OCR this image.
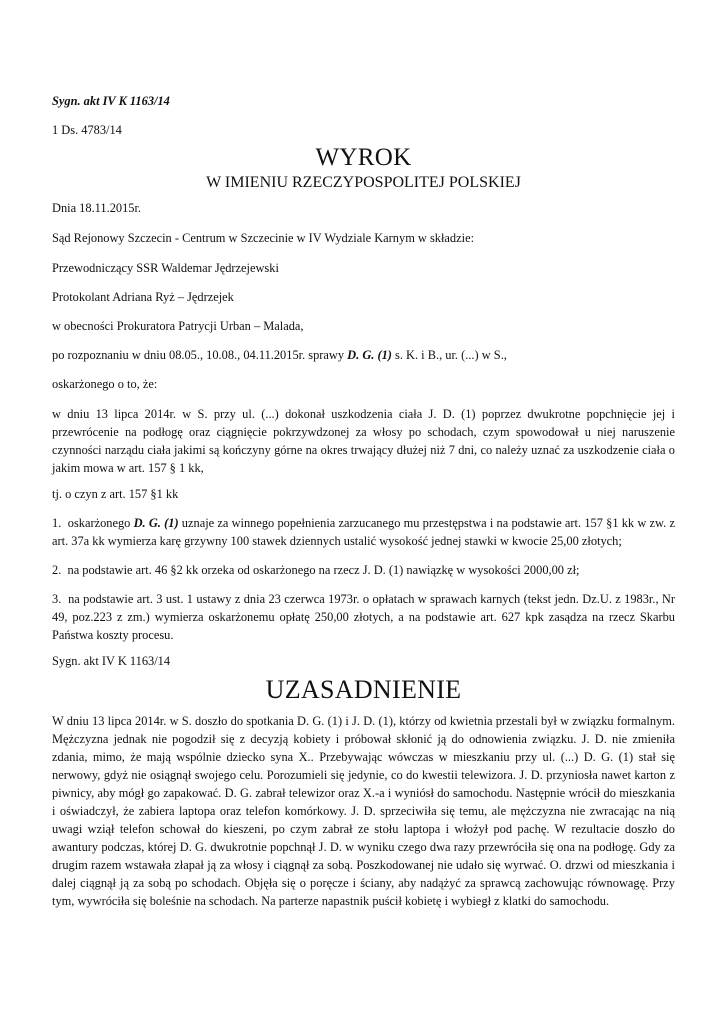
Sygn. akt IV K 1163/14

1 Ds. 4783/14

WYROK

W IMIENIU RZECZYPOSPOLITEJ POLSKIEJ

Dnia 18.11.2015r.

Sąd Rejonowy Szczecin - Centrum w Szczecinie w IV Wydziale Karnym w składzie:

Przewodniczący SSR Waldemar Jędrzejewski

Protokolant Adriana Ryż – Jędrzejek

w obecności Prokuratora Patrycji Urban – Malada,

po rozpoznaniu w dniu 08.05., 10.08., 04.11.2015r. sprawy D. G. (1) s. K. i B., ur. (...) w S.,

oskarżonego o to, że:

w dniu 13 lipca 2014r. w S. przy ul. (...) dokonał uszkodzenia ciała J. D. (1) poprzez dwukrotne popchnięcie jej i przewrócenie na podłogę oraz ciągnięcie pokrzywdzonej za włosy po schodach, czym spowodował u niej naruszenie czynności narządu ciała jakimi są kończyny górne na okres trwający dłużej niż 7 dni, co należy uznać za uszkodzenie ciała o jakim mowa w art. 157 § 1 kk,

tj. o czyn z art. 157 §1 kk

1. oskarżonego D. G. (1) uznaje za winnego popełnienia zarzucanego mu przestępstwa i na podstawie art. 157 §1 kk w zw. z art. 37a kk wymierza karę grzywny 100 stawek dziennych ustalić wysokość jednej stawki w kwocie 25,00 złotych;

2. na podstawie art. 46 §2 kk orzeka od oskarżonego na rzecz J. D. (1) nawiązkę w wysokości 2000,00 zł;

3. na podstawie art. 3 ust. 1 ustawy z dnia 23 czerwca 1973r. o opłatach w sprawach karnych (tekst jedn. Dz.U. z 1983r., Nr 49, poz.223 z zm.) wymierza oskarżonemu opłatę 250,00 złotych, a na podstawie art. 627 kpk zasądza na rzecz Skarbu Państwa koszty procesu.

Sygn. akt IV K 1163/14

UZASADNIENIE

W dniu 13 lipca 2014r. w S. doszło do spotkania D. G. (1) i J. D. (1), którzy od kwietnia przestali był w związku formalnym. Mężczyzna jednak nie pogodził się z decyzją kobiety i próbował skłonić ją do odnowienia związku. J. D. nie zmieniła zdania, mimo, że mają wspólnie dziecko syna X.. Przebywając wówczas w mieszkaniu przy ul. (...) D. G. (1) stał się nerwowy, gdyż nie osiągnął swojego celu. Porozumieli się jedynie, co do kwestii telewizora. J. D. przyniosła nawet karton z piwnicy, aby mógł go zapakować. D. G. zabrał telewizor oraz X.-a i wyniósł do samochodu. Następnie wrócił do mieszkania i oświadczył, że zabiera laptopa oraz telefon komórkowy. J. D. sprzeciwiła się temu, ale mężczyzna nie zwracając na nią uwagi wziął telefon schował do kieszeni, po czym zabrał ze stołu laptopa i włożył pod pachę. W rezultacie doszło do awantury podczas, której D. G. dwukrotnie popchnął J. D. w wyniku czego dwa razy przewróciła się ona na podłogę. Gdy za drugim razem wstawała złapał ją za włosy i ciągnął za sobą. Poszkodowanej nie udało się wyrwać. O. drzwi od mieszkania i dalej ciągnął ją za sobą po schodach. Objęła się o poręcze i ściany, aby nadążyć za sprawcą zachowując równowagę. Przy tym, wywróciła się boleśnie na schodach. Na parterze napastnik puścił kobietę i wybiegł z klatki do samochodu.
